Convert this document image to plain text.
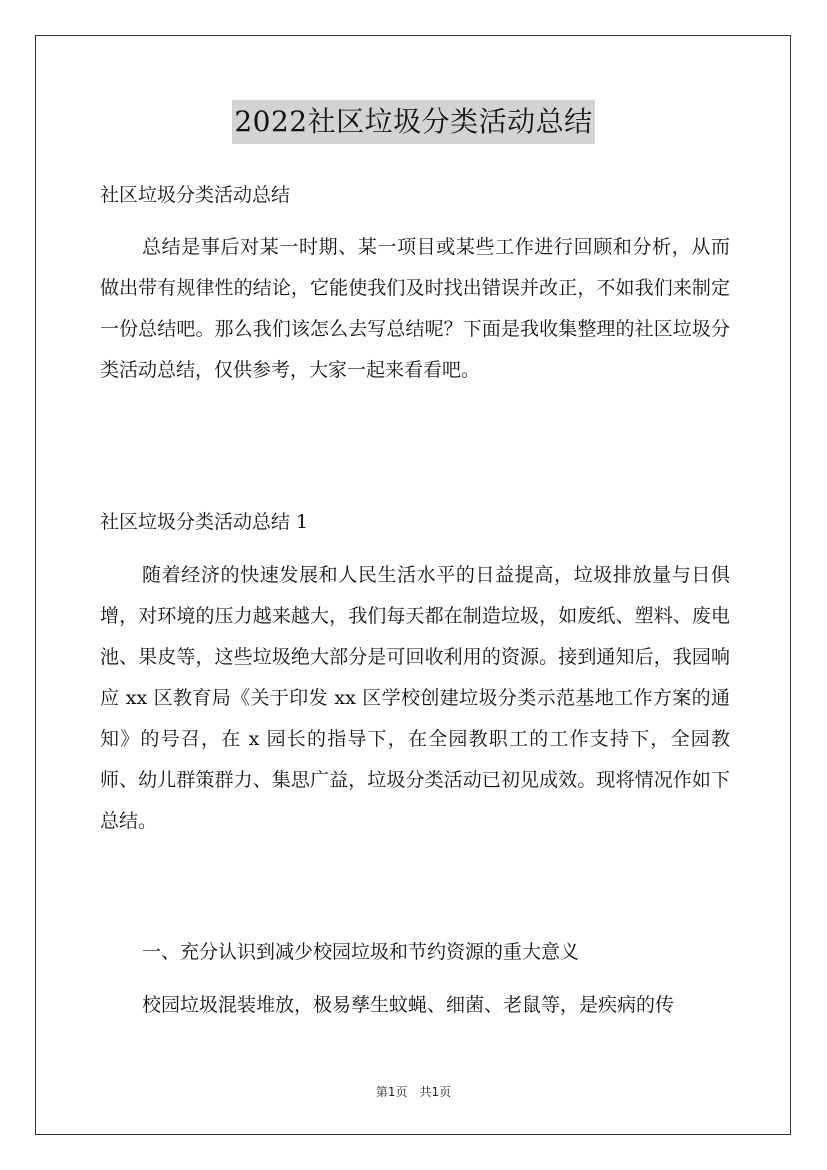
2022社区垃圾分类活动总结

社区垃圾分类活动总结

总结是事后对某一时期、某一项目或某些工作进行回顾和分析，从而做出带有规律性的结论，它能使我们及时找出错误并改正，不如我们来制定一份总结吧。那么我们该怎么去写总结呢？下面是我收集整理的社区垃圾分类活动总结，仅供参考，大家一起来看看吧。

社区垃圾分类活动总结 1

随着经济的快速发展和人民生活水平的日益提高，垃圾排放量与日俱增，对环境的压力越来越大，我们每天都在制造垃圾，如废纸、塑料、废电池、果皮等，这些垃圾绝大部分是可回收利用的资源。接到通知后，我园响应 xx 区教育局《关于印发 xx 区学校创建垃圾分类示范基地工作方案的通知》的号召，在 x 园长的指导下，在全园教职工的工作支持下，全园教师、幼儿群策群力、集思广益，垃圾分类活动已初见成效。现将情况作如下总结。

一、充分认识到减少校园垃圾和节约资源的重大意义

校园垃圾混装堆放，极易孳生蚊蝇、细菌、老鼠等，是疾病的传

第1页　共1页
